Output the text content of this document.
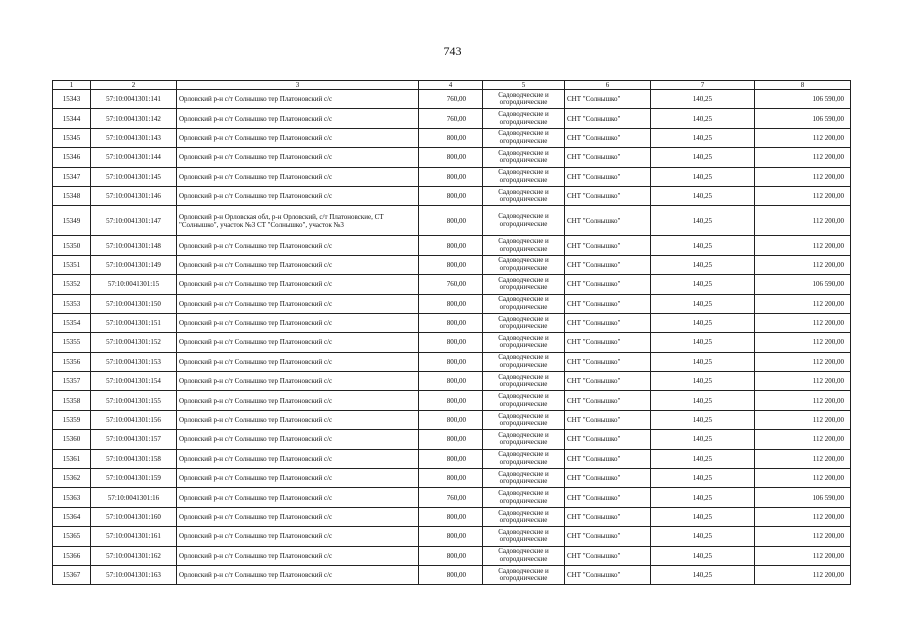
743
1	2	3	4	5	6	7	8
15343	57:10:0041301:141	Орловский р-н с/т Солнышко тер Платоновский с/с	760,00	Садоводческие и огороднические	СНТ "Солнышко"	140,25	106 590,00
15344	57:10:0041301:142	Орловский р-н с/т Солнышко тер Платоновский с/с	760,00	Садоводческие и огороднические	СНТ "Солнышко"	140,25	106 590,00
15345	57:10:0041301:143	Орловский р-н с/т Солнышко тер Платоновский с/с	800,00	Садоводческие и огороднические	СНТ "Солнышко"	140,25	112 200,00
15346	57:10:0041301:144	Орловский р-н с/т Солнышко тер Платоновский с/с	800,00	Садоводческие и огороднические	СНТ "Солнышко"	140,25	112 200,00
15347	57:10:0041301:145	Орловский р-н с/т Солнышко тер Платоновский с/с	800,00	Садоводческие и огороднические	СНТ "Солнышко"	140,25	112 200,00
15348	57:10:0041301:146	Орловский р-н с/т Солнышко тер Платоновский с/с	800,00	Садоводческие и огороднические	СНТ "Солнышко"	140,25	112 200,00
15349	57:10:0041301:147	Орловский р-н Орловская обл, р-н Орловский, с/т Платоновские, СТ "Солнышко", участок №3 СТ "Солнышко", участок №3	800,00	Садоводческие и огороднические	СНТ "Солнышко"	140,25	112 200,00
15350	57:10:0041301:148	Орловский р-н с/т Солнышко тер Платоновский с/с	800,00	Садоводческие и огороднические	СНТ "Солнышко"	140,25	112 200,00
15351	57:10:0041301:149	Орловский р-н с/т Солнышко тер Платоновский с/с	800,00	Садоводческие и огороднические	СНТ "Солнышко"	140,25	112 200,00
15352	57:10:0041301:15	Орловский р-н с/т Солнышко тер Платоновский с/с	760,00	Садоводческие и огороднические	СНТ "Солнышко"	140,25	106 590,00
15353	57:10:0041301:150	Орловский р-н с/т Солнышко тер Платоновский с/с	800,00	Садоводческие и огороднические	СНТ "Солнышко"	140,25	112 200,00
15354	57:10:0041301:151	Орловский р-н с/т Солнышко тер Платоновский с/с	800,00	Садоводческие и огороднические	СНТ "Солнышко"	140,25	112 200,00
15355	57:10:0041301:152	Орловский р-н с/т Солнышко тер Платоновский с/с	800,00	Садоводческие и огороднические	СНТ "Солнышко"	140,25	112 200,00
15356	57:10:0041301:153	Орловский р-н с/т Солнышко тер Платоновский с/с	800,00	Садоводческие и огороднические	СНТ "Солнышко"	140,25	112 200,00
15357	57:10:0041301:154	Орловский р-н с/т Солнышко тер Платоновский с/с	800,00	Садоводческие и огороднические	СНТ "Солнышко"	140,25	112 200,00
15358	57:10:0041301:155	Орловский р-н с/т Солнышко тер Платоновский с/с	800,00	Садоводческие и огороднические	СНТ "Солнышко"	140,25	112 200,00
15359	57:10:0041301:156	Орловский р-н с/т Солнышко тер Платоновский с/с	800,00	Садоводческие и огороднические	СНТ "Солнышко"	140,25	112 200,00
15360	57:10:0041301:157	Орловский р-н с/т Солнышко тер Платоновский с/с	800,00	Садоводческие и огороднические	СНТ "Солнышко"	140,25	112 200,00
15361	57:10:0041301:158	Орловский р-н с/т Солнышко тер Платоновский с/с	800,00	Садоводческие и огороднические	СНТ "Солнышко"	140,25	112 200,00
15362	57:10:0041301:159	Орловский р-н с/т Солнышко тер Платоновский с/с	800,00	Садоводческие и огороднические	СНТ "Солнышко"	140,25	112 200,00
15363	57:10:0041301:16	Орловский р-н с/т Солнышко тер Платоновский с/с	760,00	Садоводческие и огороднические	СНТ "Солнышко"	140,25	106 590,00
15364	57:10:0041301:160	Орловский р-н с/т Солнышко тер Платоновский с/с	800,00	Садоводческие и огороднические	СНТ "Солнышко"	140,25	112 200,00
15365	57:10:0041301:161	Орловский р-н с/т Солнышко тер Платоновский с/с	800,00	Садоводческие и огороднические	СНТ "Солнышко"	140,25	112 200,00
15366	57:10:0041301:162	Орловский р-н с/т Солнышко тер Платоновский с/с	800,00	Садоводческие и огороднические	СНТ "Солнышко"	140,25	112 200,00
15367	57:10:0041301:163	Орловский р-н с/т Солнышко тер Платоновский с/с	800,00	Садоводческие и огороднические	СНТ "Солнышко"	140,25	112 200,00
